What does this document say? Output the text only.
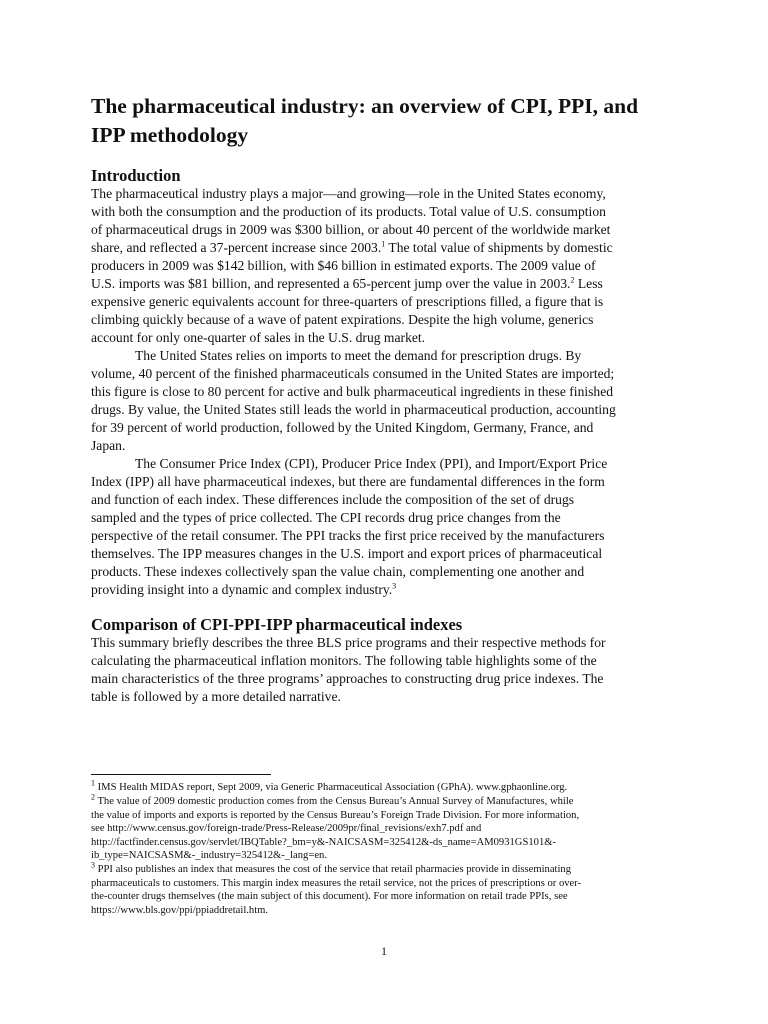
The pharmaceutical industry: an overview of CPI, PPI, and
IPP methodology
Introduction
The pharmaceutical industry plays a major—and growing—role in the United States economy,
with both the consumption and the production of its products. Total value of U.S. consumption
of pharmaceutical drugs in 2009 was $300 billion, or about 40 percent of the worldwide market
share, and reflected a 37-percent increase since 2003.$^1$ The total value of shipments by domestic
producers in 2009 was $142 billion, with $46 billion in estimated exports. The 2009 value of
U.S. imports was $81 billion, and represented a 65-percent jump over the value in 2003.$^2$ Less
expensive generic equivalents account for three-quarters of prescriptions filled, a figure that is
climbing quickly because of a wave of patent expirations. Despite the high volume, generics
account for only one-quarter of sales in the U.S. drug market.
The United States relies on imports to meet the demand for prescription drugs. By
volume, 40 percent of the finished pharmaceuticals consumed in the United States are imported;
this figure is close to 80 percent for active and bulk pharmaceutical ingredients in these finished
drugs. By value, the United States still leads the world in pharmaceutical production, accounting
for 39 percent of world production, followed by the United Kingdom, Germany, France, and
Japan.
The Consumer Price Index (CPI), Producer Price Index (PPI), and Import/Export Price
Index (IPP) all have pharmaceutical indexes, but there are fundamental differences in the form
and function of each index. These differences include the composition of the set of drugs
sampled and the types of price collected. The CPI records drug price changes from the
perspective of the retail consumer. The PPI tracks the first price received by the manufacturers
themselves. The IPP measures changes in the U.S. import and export prices of pharmaceutical
products. These indexes collectively span the value chain, complementing one another and
providing insight into a dynamic and complex industry.$^3$
Comparison of CPI-PPI-IPP pharmaceutical indexes
This summary briefly describes the three BLS price programs and their respective methods for
calculating the pharmaceutical inflation monitors. The following table highlights some of the
main characteristics of the three programs’ approaches to constructing drug price indexes. The
table is followed by a more detailed narrative.
$^1$ IMS Health MIDAS report, Sept 2009, via Generic Pharmaceutical Association (GPhA). www.gphaonline.org.
$^2$ The value of 2009 domestic production comes from the Census Bureau’s Annual Survey of Manufactures, while
the value of imports and exports is reported by the Census Bureau’s Foreign Trade Division. For more information,
see http://www.census.gov/foreign-trade/Press-Release/2009pr/final_revisions/exh7.pdf and
http://factfinder.census.gov/servlet/IBQTable?_bm=y&-NAICSASM=325412&-ds_name=AM0931GS101&-
ib_type=NAICSASM&-_industry=325412&-_lang=en.
$^3$ PPI also publishes an index that measures the cost of the service that retail pharmacies provide in disseminating
pharmaceuticals to customers. This margin index measures the retail service, not the prices of prescriptions or over-
the-counter drugs themselves (the main subject of this document). For more information on retail trade PPIs, see
https://www.bls.gov/ppi/ppiaddretail.htm.
1
